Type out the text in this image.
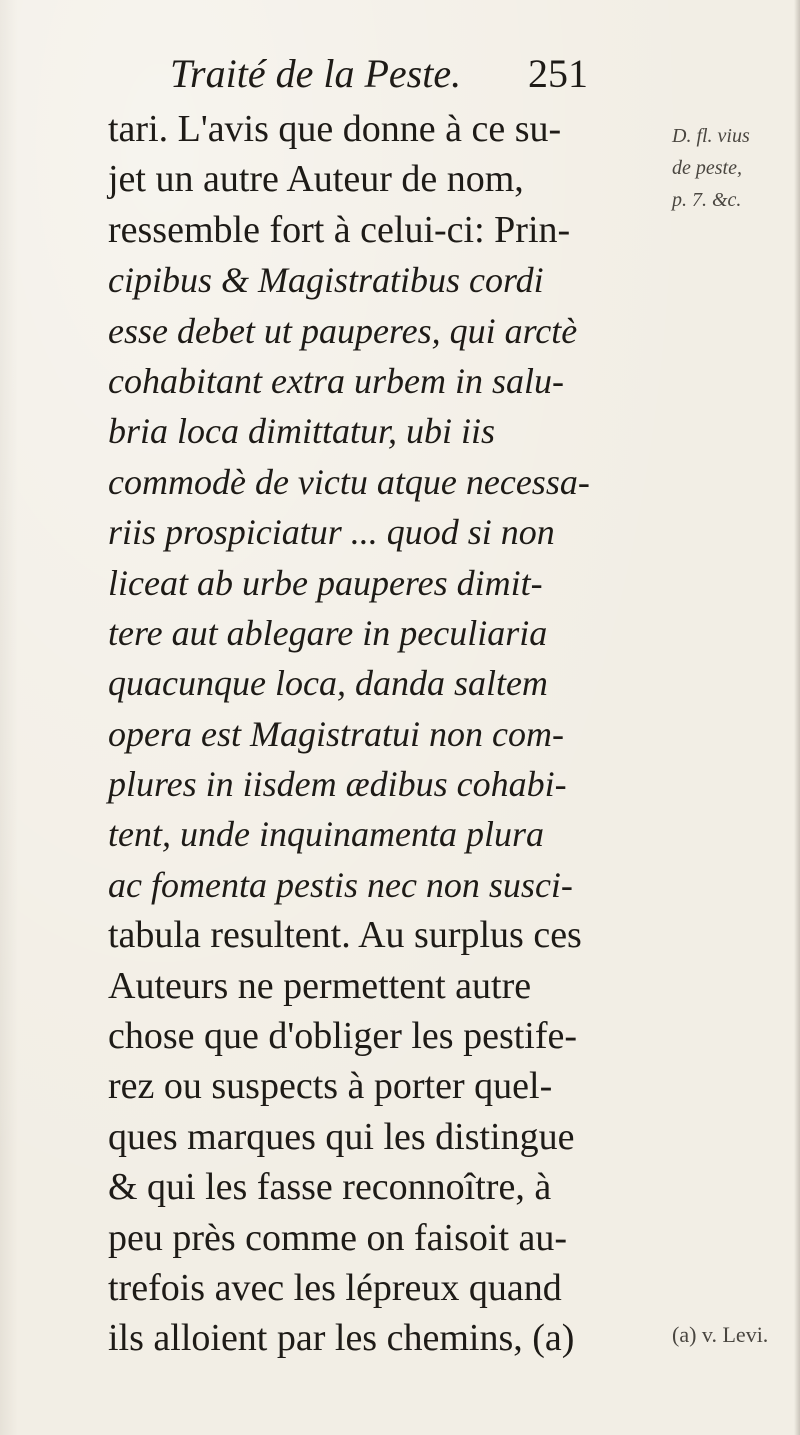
Traité de la Peste. 251
tari. L'avis que donne à ce su-
jet un autre Auteur de nom,
ressemble fort à celui-ci: Prin-
cipibus & Magistratibus cordi
esse debet ut pauperes, qui arctè
cohabitant extra urbem in salu-
bria loca dimittatur, ubi iis
commodè de victu atque necessa-
riis prospiciatur ... quod si non
liceat ab urbe pauperes dimit-
tere aut ablegare in peculiaria
quacunque loca, danda saltem
opera est Magistratui non com-
plures in iisdem ædibus cohabi-
tent, unde inquinamenta plura
ac fomenta pestis nec non susci-
tabula resultent. Au surplus ces
Auteurs ne permettent autre
chose que d'obliger les pestife-
rez ou suspects à porter quel-
ques marques qui les distingue
& qui les fasse reconnoître, à
peu près comme on faisoit au-
trefois avec les lépreux quand
ils alloient par les chemins, (a)
D. fl. vius
de peste,
p. 7. &c.
(a) v. Levi.
